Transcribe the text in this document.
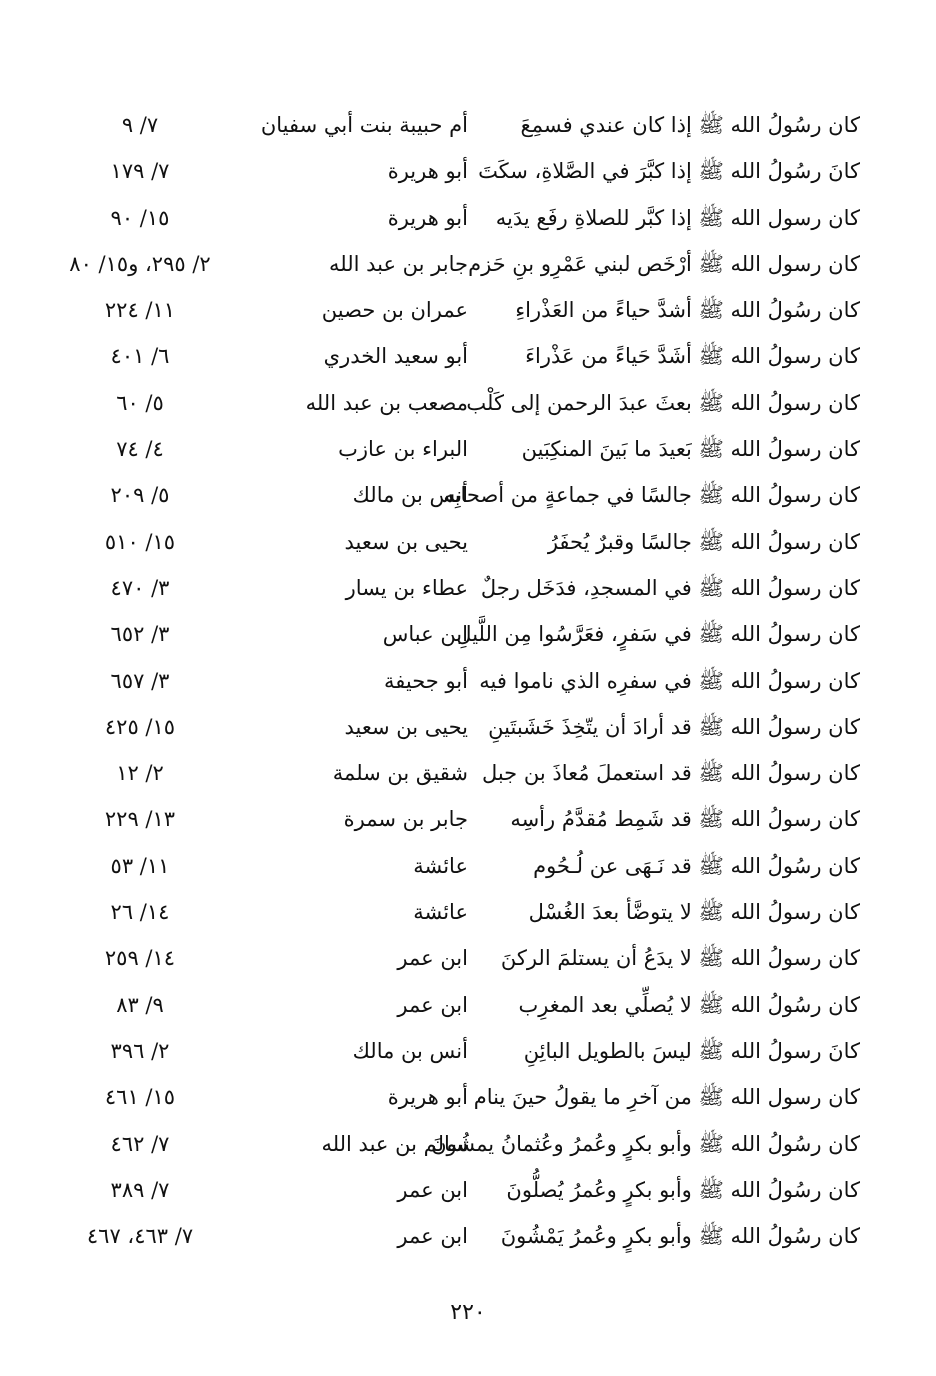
كان رسُولُ الله ﷺ إذا كان عندي فسمِعَ
أم حبيبة بنت أبي سفيان
٧/ ٩
كانَ رسُولُ الله ﷺ إذا كبَّرَ في الصَّلاةِ، سكَتَ
أبو هريرة
٧/ ١٧٩
كان رسول الله ﷺ إذا كبَّر للصلاةِ رفَع يدَيه
أبو هريرة
١٥/ ٩٠
كان رسول الله ﷺ أرْخَص لبني عَمْرِو بنِ حَزم
جابر بن عبد الله
٢/ ٢٩٥، و١٥/ ٨٠
كان رسُولُ الله ﷺ أشدَّ حياءً من العَذْراءِ
عمران بن حصين
١١/ ٢٢٤
كان رسولُ الله ﷺ أشَدَّ حَياءً من عَذْراءَ
أبو سعيد الخدري
٦/ ٤٠١
كان رسولُ الله ﷺ بعثَ عبدَ الرحمن إلى كَلْب
مصعب بن عبد الله
٥/ ٦٠
كان رسولُ الله ﷺ بَعيدَ ما بَينَ المنكِبَين
البراء بن عازب
٤/ ٧٤
كان رسولُ الله ﷺ جالسًا في جماعةٍ من أصحابِه
أنس بن مالك
٥/ ٢٠٩
كان رسولُ الله ﷺ جالسًا وقبرٌ يُحفَرُ
يحيى بن سعيد
١٥/ ٥١٠
كان رسولُ الله ﷺ في المسجدِ، فدَخَل رجلٌ
عطاء بن يسار
٣/ ٤٧٠
كان رسولُ الله ﷺ في سَفرٍ، فعَرَّسُوا مِن اللَّيلِ
ابن عباس
٣/ ٦٥٢
كان رسولُ الله ﷺ في سفرِه الذي ناموا فيه
أبو جحيفة
٣/ ٦٥٧
كان رسولُ الله ﷺ قد أرادَ أن يتّخِذَ خَشَبتَينِ
يحيى بن سعيد
١٥/ ٤٢٥
كان رسولُ الله ﷺ قد استعملَ مُعاذَ بن جبل
شقيق بن سلمة
٢/ ١٢
كان رسولُ الله ﷺ قد شَمِط مُقدَّمُ رأسِه
جابر بن سمرة
١٣/ ٢٢٩
كان رسُولُ الله ﷺ قد نَـهَى عن لُـحُوم
عائشة
١١/ ٥٣
كان رسولُ الله ﷺ لا يتوضَّأ بعدَ الغُسْل
عائشة
١٤/ ٢٦
كان رسولُ الله ﷺ لا يدَعُ أن يستلمَ الركنَ
ابن عمر
١٤/ ٢٥٩
كان رسُولُ الله ﷺ لا يُصلِّي بعد المغرِب
ابن عمر
٩/ ٨٣
كانَ رسولُ الله ﷺ ليسَ بالطويل البائِنِ
أنس بن مالك
٢/ ٣٩٦
كان رسول الله ﷺ من آخرِ ما يقولُ حينَ ينام
أبو هريرة
١٥/ ٤٦١
كان رسُولُ الله ﷺ وأبو بكرٍ وعُمرُ وعُثمانُ يمشُونَ
سالم بن عبد الله
٧/ ٤٦٢
كان رسُولُ الله ﷺ وأبو بكرٍ وعُمرُ يُصلُّونَ
ابن عمر
٧/ ٣٨٩
كان رسُولُ الله ﷺ وأبو بكرٍ وعُمرُ يَمْشُونَ
ابن عمر
٧/ ٤٦٣، ٤٦٧
٢٢٠
